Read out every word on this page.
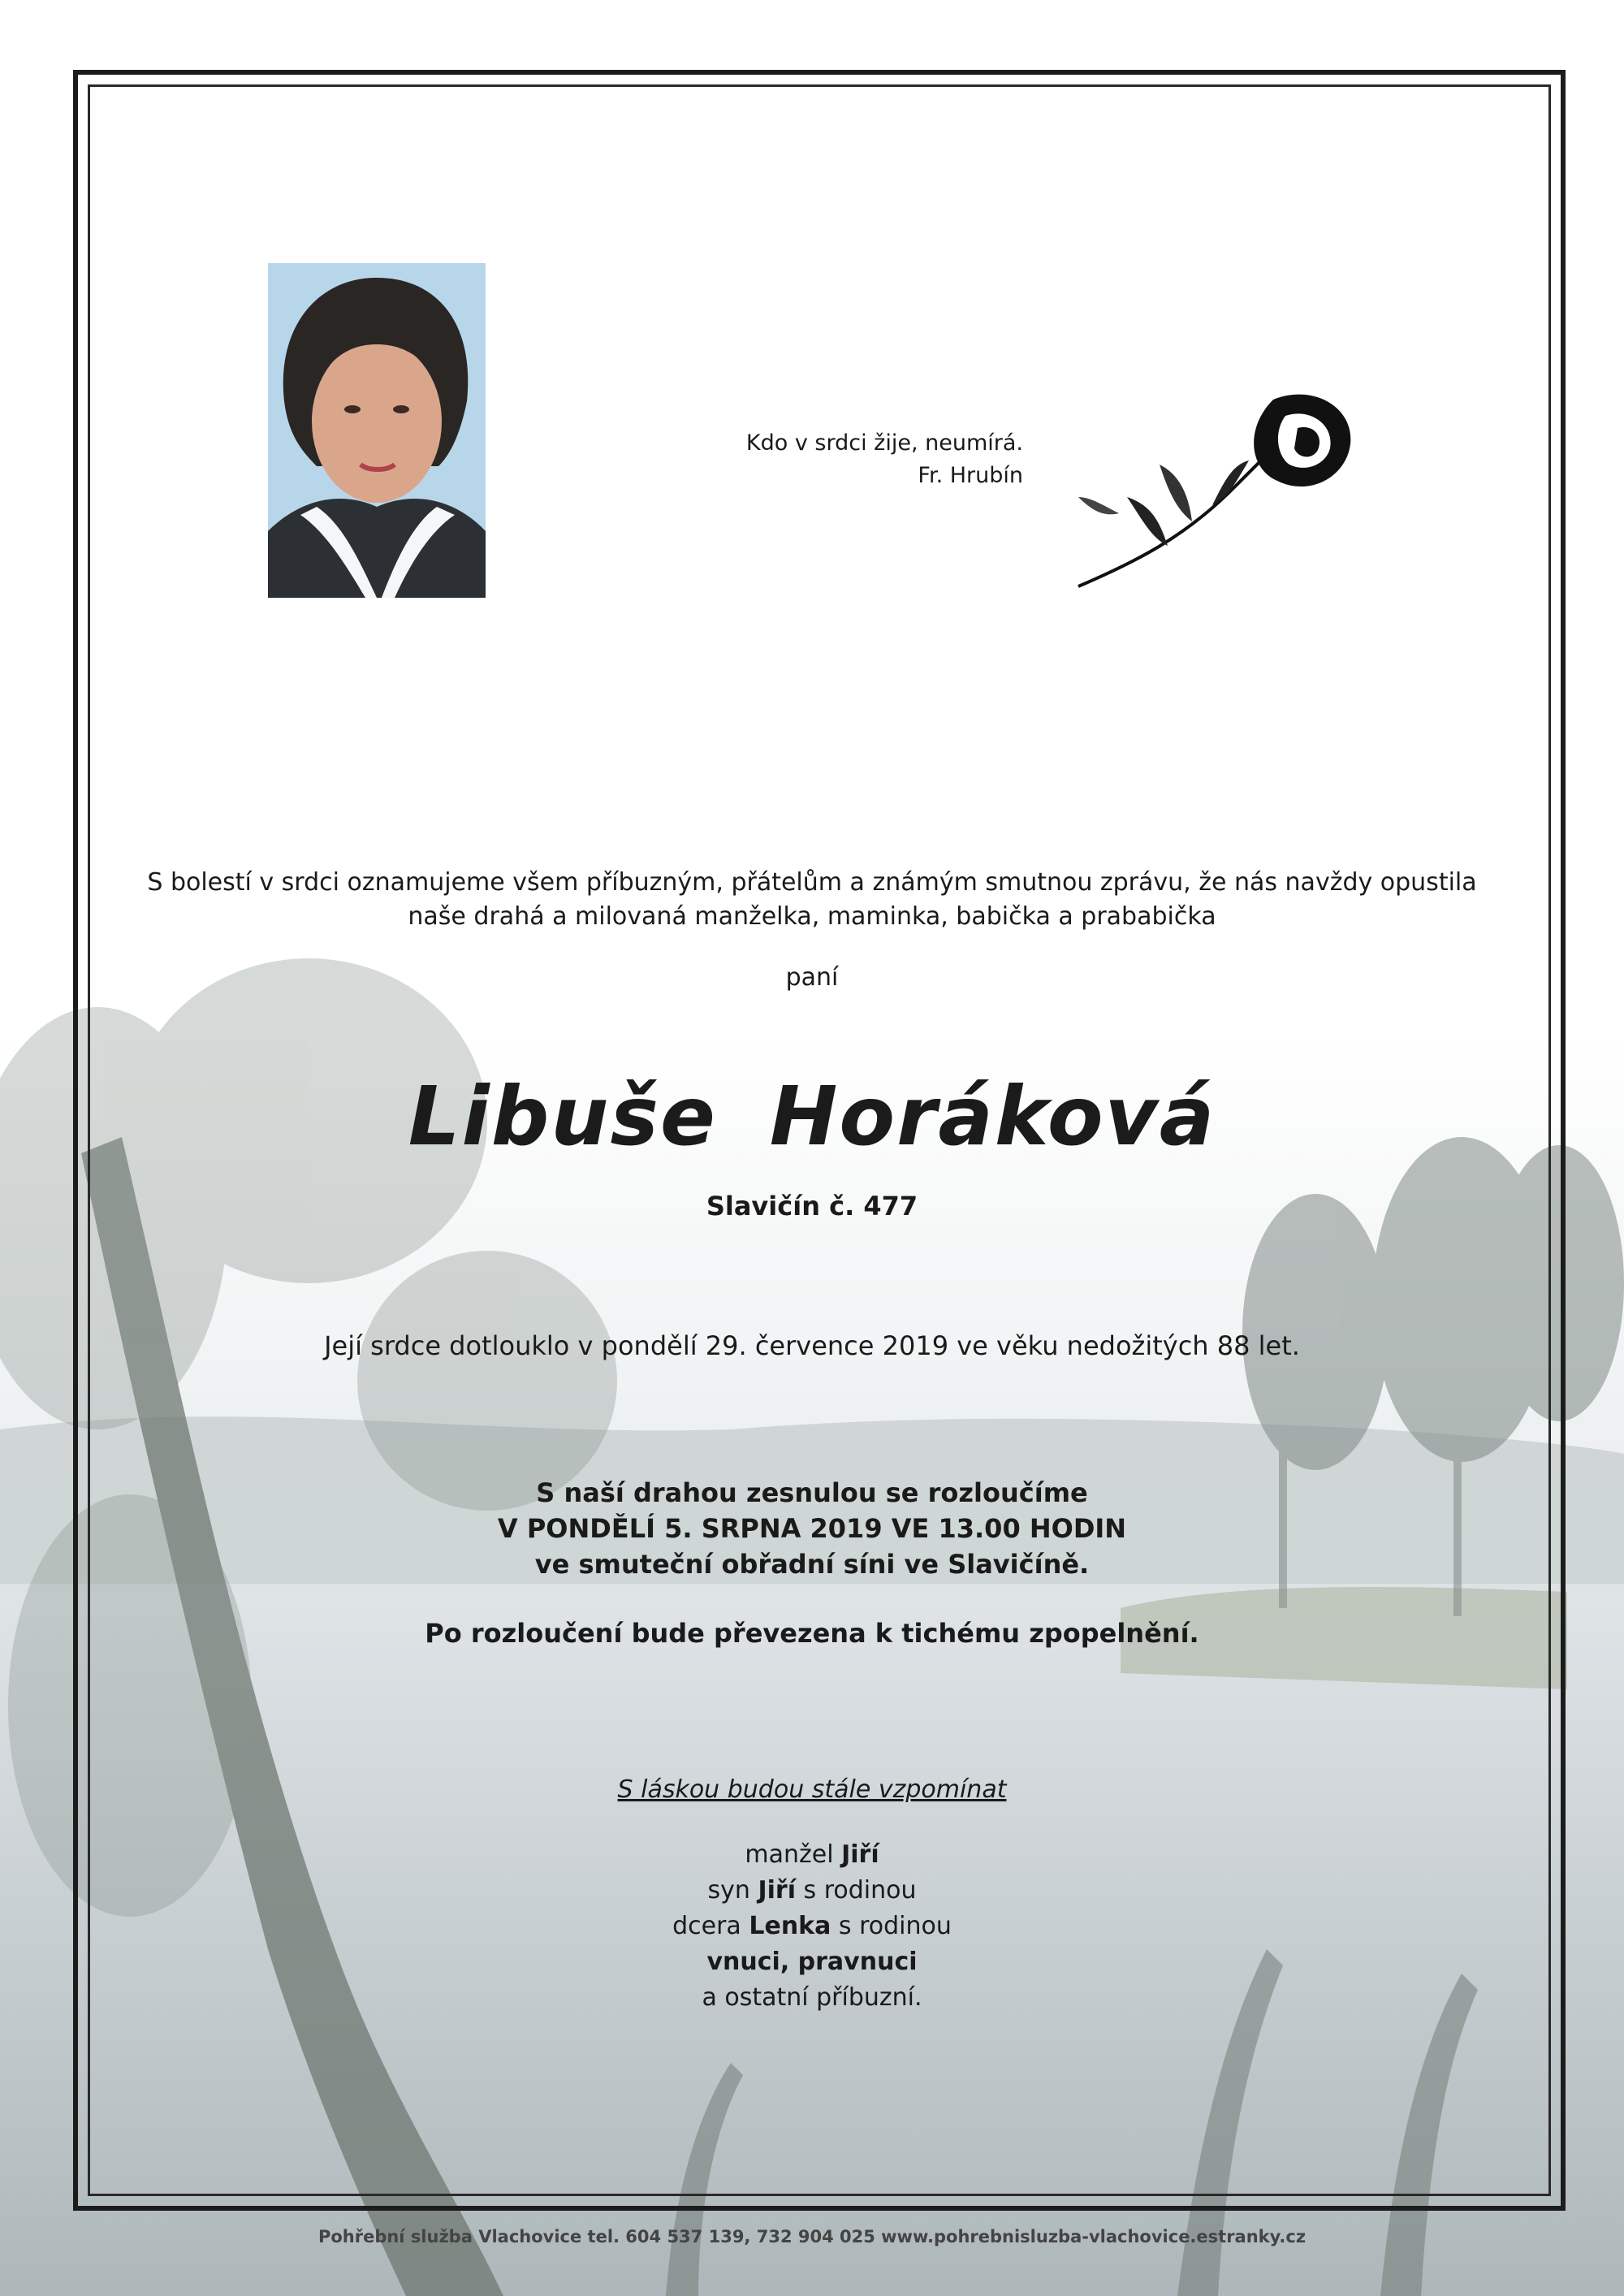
Kdo v srdci žije, neumírá.
Fr. Hrubín
S bolestí v srdci oznamujeme všem příbuzným, přátelům a známým smutnou zprávu, že nás navždy opustila
naše drahá a milovaná manželka, maminka, babička a prababička
paní
Libuše Horáková
Slavičín č. 477
Její srdce dotlouklo v pondělí 29. července 2019 ve věku nedožitých 88 let.
S naší drahou zesnulou se rozloučíme
V PONDĚLÍ 5. SRPNA 2019 VE 13.00 HODIN
ve smuteční obřadní síni ve Slavičíně.
Po rozloučení bude převezena k tichému zpopelnění.
S láskou budou stále vzpomínat
manžel Jiří
syn Jiří s rodinou
dcera Lenka s rodinou
vnuci, pravnuci
a ostatní příbuzní.
Pohřební služba Vlachovice tel. 604 537 139, 732 904 025 www.pohrebnisluzba-vlachovice.estranky.cz
